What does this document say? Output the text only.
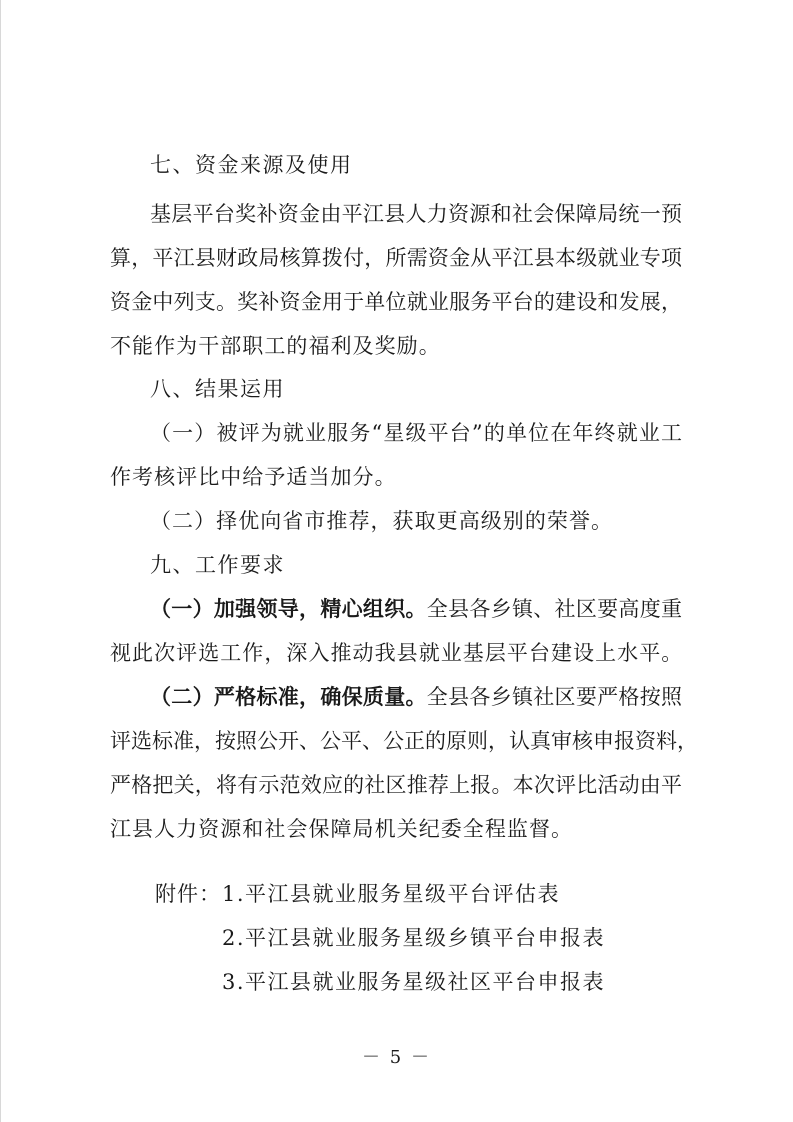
七、资金来源及使用
基层平台奖补资金由平江县人力资源和社会保障局统一预
算，平江县财政局核算拨付，所需资金从平江县本级就业专项
资金中列支。奖补资金用于单位就业服务平台的建设和发展，
不能作为干部职工的福利及奖励。
八、结果运用
（一）被评为就业服务“星级平台”的单位在年终就业工
作考核评比中给予适当加分。
（二）择优向省市推荐，获取更高级别的荣誉。
九、工作要求
（一）加强领导，精心组织。全县各乡镇、社区要高度重
视此次评选工作，深入推动我县就业基层平台建设上水平。
（二）严格标准，确保质量。全县各乡镇社区要严格按照
评选标准，按照公开、公平、公正的原则，认真审核申报资料，
严格把关，将有示范效应的社区推荐上报。本次评比活动由平
江县人力资源和社会保障局机关纪委全程监督。
附件： 1.平江县就业服务星级平台评估表
2.平江县就业服务星级乡镇平台申报表
3.平江县就业服务星级社区平台申报表
－ 5 －
